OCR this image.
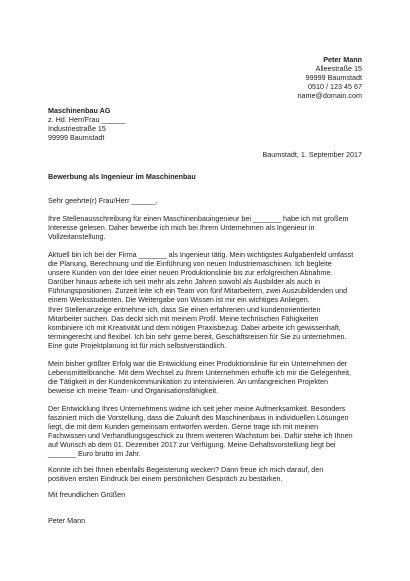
Peter Mann
Alleestraße 15
99999 Baumstadt
0510 / 123 45 67
name@domain.com
Maschinenbau AG
z. Hd. Herr/Frau ______
Industriestraße 15
99999 Baumstadt
Baumstadt, 1. September 2017
Bewerbung als Ingenieur im Maschinenbau
Sehr geehrte(r) Frau/Herr ______,
Ihre Stellenausschreibung für einen Maschinenbauingenieur bei _______ habe ich mit großem
Interesse gelesen. Daher bewerbe ich mich bei Ihrem Unternehmen als Ingenieur in
Vollzeitanstellung.
Aktuell bin ich bei der Firma _______ als Ingenieur tätig. Mein wichtigstes Aufgabenfeld umfasst
die Planung, Berechnung und die Einführung von neuen Industriemaschinen. Ich begleite
unsere Kunden von der Idee einer neuen Produktionslinie bis zur erfolgreichen Abnahme.
Darüber hinaus arbeite ich seit mehr als zehn Jahren sowohl als Ausbilder als auch in
Führungspositionen. Zurzeit leite ich ein Team von fünf Mitarbeitern, zwei Auszubildenden und
einem Werksstudenten. Die Weitergabe von Wissen ist mir ein wichtiges Anliegen.
Ihrer Stellenanzeige entnehme ich, dass Sie einen erfahrenen und kundenorientierten
Mitarbeiter suchen. Das deckt sich mit meinem Profil. Meine technischen Fähigkeiten
kombiniere ich mit Kreativität und dem nötigen Praxisbezug. Dabei arbeite ich gewissenhaft,
termingerecht und flexibel. Ich bin sehr gerne bereit, Geschäftsreisen für Sie zu unternehmen.
Eine gute Projektplanung ist für mich selbstverständlich.
Mein bisher größter Erfolg war die Entwicklung einer Produktionslinie für ein Unternehmen der
Lebensmittelbranche. Mit dem Wechsel zu Ihrem Unternehmen erhoffe ich mir die Gelegenheit,
die Tätigkeit in der Kundenkommunikation zu intensivieren. An umfangreichen Projekten
beweise ich meine Team- und Organisationsfähigkeit.
Der Entwicklung Ihres Unternehmens widme ich seit jeher meine Aufmerksamkeit. Besonders
fasziniert mich die Vorstellung, dass die Zukunft des Maschinenbaus in individuellen Lösungen
liegt, die mit dem Kunden gemeinsam entworfen werden. Gerne trage ich mit meinen
Fachwissen und Verhandlungsgeschick zu Ihrem weiteren Wachstum bei. Dafür stehe ich Ihnen
auf Wunsch ab dem 01. Dezember 2017 zur Verfügung. Meine Gehaltsvorstellung liegt bei
_______ Euro brutto im Jahr.
Konnte ich bei Ihnen ebenfalls Begeisterung wecken? Dann freue ich mich darauf, den
positiven ersten Eindruck bei einem persönlichen Gespräch zu bestärken.
Mit freundlichen Grüßen
Peter Mann
